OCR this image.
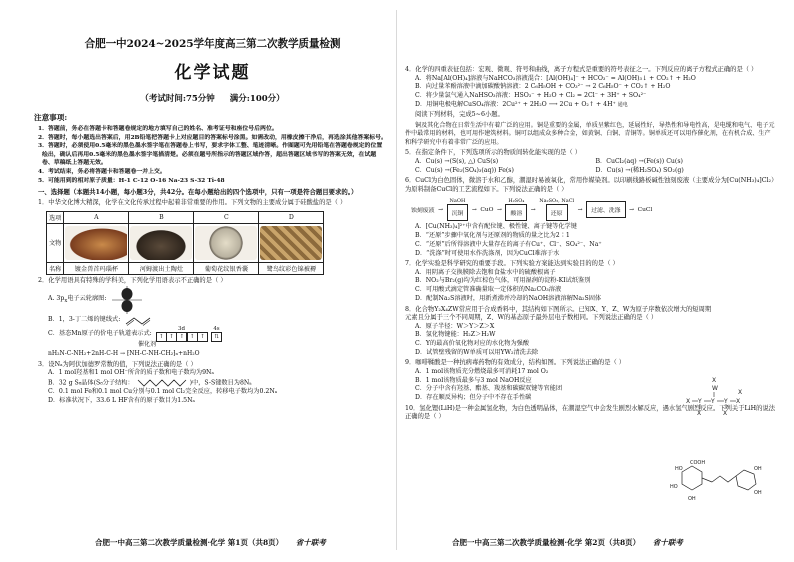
合肥一中2024~2025学年度高三第二次教学质量检测
化学试题
（考试时间:75分钟 满分:100分）
注意事项:
1．答题前，务必在答题卡和答题卷规定的地方填写自己的姓名、准考证号和座位号后两位。
2．答题时，每小题选出答案后，用2B铅笔把答题卡上对应题目的答案标号涂黑。如需改动，用橡皮擦干净后，再选涂其他答案标号。
3．答题时，必须使用0.5毫米的黑色墨水签字笔在答题卷上书写，要求字体工整、笔迹清晰。作图题可先用铅笔在答题卷规定的位置绘出，确认后再用0.5毫米的黑色墨水签字笔描清楚。必须在题号所指示的答题区域作答，超出答题区域书写的答案无效，在试题卷、草稿纸上答题无效。
4．考试结束，务必将答题卡和答题卷一并上交。
5．可能用到的相对原子质量：H-1 C-12 O-16 Na-23 S-32 Ti-48
一、选择题（本题共14小题，每小题3分，共42分。在每小题给出的四个选项中，只有一项是符合题目要求的。）
1．中华文化博大精深，化学在文化传承过程中起着非常重要的作用。下列文物的主要成分属于硅酸盐的是（ ）
选项	A	B	C	D
文物	

名称	镀金兽首玛瑙杯	河姆渡出土陶灶	葡萄花纹银香囊	鹭鸟纹彩色锦被褥
2．化学用语具有特殊的学科美，下列化学用语表示不正确的是（ ）
A. $3p_x$电子云轮廓图:
B．1，3-丁二烯的键线式:
C．基态Mn原子的价电子轨道表示式:
3d
↑	↑	↑	↑	↑
4s
⇅
催化剂
nH₂N-C-NH₂+2nH-C-H → ⁅NH-C-NH-CH₂⁆ₙ+nH₂O
3．设Nₐ为阿伏加德罗常数的值，下列说法正确的是（ ）
A．1 mol羟基和1 mol OH⁻所含的质子数和电子数均为9Nₐ
B．32 g S₈晶体(S₈分子结构：	)中，S-S键数目为8Nₐ
C．0.1 mol Fe和0.1 mol Cu分别与0.1 mol Cl₂完全反应，转移电子数均为0.2Nₐ
D．标准状况下，33.6 L HF含有的原子数目为1.5Nₐ
合肥一中高三第二次教学质量检测·化学 第1页（共8页） 省十联考
4．化学的四重表征包括：宏观、微观、符号和曲线，离子方程式是重要的符号表征之一。下列反应的离子方程式正确的是（ ）
A．将Na[Al(OH)₄]溶液与NaHCO₃溶液混合：[Al(OH)₄]⁻ + HCO₃⁻ = Al(OH)₃↓ + CO₂↑ + H₂O
B．向过量苯酚溶液中滴加碳酸钠溶液：2 C₆H₅OH + CO₃²⁻ → 2 C₆H₅O⁻ + CO₂↑ + H₂O
C．将少量氯气通入NaHSO₃溶液：HSO₃⁻ + H₂O + Cl₂ = 2Cl⁻ + 3H⁺ + SO₄²⁻
D．用铜电极电解CuSO₄溶液：2Cu²⁺ + 2H₂O ⟶ 2Cu + O₂↑ + 4H⁺ 通电
阅读下列材料，完成5~6小题。
铜及其化合物在日常生活中有着广泛的应用。铜是重要的金属，单质呈紫红色，延展性好，导热性和导电性高，是电缆和电气、电子元件中最常用的材料，也可用作建筑材料。铜可以组成众多种合金，如黄铜、白铜、青铜等。铜单质还可以用作催化剂，在有机合成、生产和科学研究中有着非常广泛的应用。
5．在指定条件下，下列选项所示的物质间转化能实现的是（ ）
A．Cu(s) →(S(s), △) CuS(s)	B．CuCl₂(aq) →(Fe(s)) Cu(s)
C．Cu(s) →(Fe₂(SO₄)₃(aq)) Fe(s)	D．Cu(s) →(稀H₂SO₄) SO₂(g)
6．CuCl为白色固体，微溶于水和乙醇，潮湿时易被氧化，常用作媒染剂。以印刷线路板碱性蚀刻废液（主要成分为[Cu(NH₃)₄]Cl₂）为原料制备CuCl的工艺流程如下。下列说法正确的是（ ）
蚀刻废液 →
NaOH
沉铜
→ CuO →
H₂SO₄
酸溶
→
Na₂SO₃, NaCl
还原
→	过滤、洗涤	→ CuCl
A．[Cu(NH₃)₄]²⁺中含有配位键、极性键、离子键等化学键
B．“还原”步骤中氧化剂与还原剂的物质的量之比为2∶1
C．“还原”后所得溶液中大量存在的离子有Cu⁺、Cl⁻、SO₄²⁻、Na⁺
D．“洗涤”时可使用水作洗涤剂，因为CuCl难溶于水
7．化学实验是科学研究的重要手段。下列实验方案能达到实验目的的是（ ）
A．用阴离子交换膜除去饱和食盐水中的硫酸根离子
B．NO₂与Br₂(g)均为红棕色气体，可用湿润的淀粉-KI试纸鉴别
C．可用酸式滴定管准确量取一定体积的Na₂CO₃溶液
D．配制Na₂S溶液时，用新煮沸并冷却的NaOH溶液溶解Na₂S固体
8．化合物Y₂X₄ZW常应用于合成香料中，其结构如下图所示。已知X、Y、Z、W为原子序数依次增大的短周期元素且分属于三个不同周期，Z、W的基态原子最外层电子数相同。下列说法正确的是（ ）
A．原子半径：W＞Y＞Z＞X
B．氢化物键能：H₂Z＞H₂W
C．Y的最高价氧化物对应的水化物为强酸
D．试管壁残留的W单质可以用YW₂清洗去除
9．咖啡鞣酸是一种抗病毒药物的有效成分，结构如图。下列说法正确的是（ ）
A．1 mol该物质充分燃烧最多可消耗17 mol O₂
B．1 mol该物质最多与3 mol NaOH反应
C．分子中含有羟基、酯基、羧基和碳碳双键等官能团
D．存在顺反异构；但分子中不存在手性碳
10．氢化锂(LiH)是一种金属氢化物，为白色透明晶体，在潮湿空气中会发生剧烈水解反应，遇水氢气剧烈反应。下列关于LiH的说法正确的是（ ）
合肥一中高三第二次教学质量检测·化学 第2页（共8页） 省十联考
X
W
X Y Y Y X
X	X
X
HO
HO
OH
COOH
OH
OH
